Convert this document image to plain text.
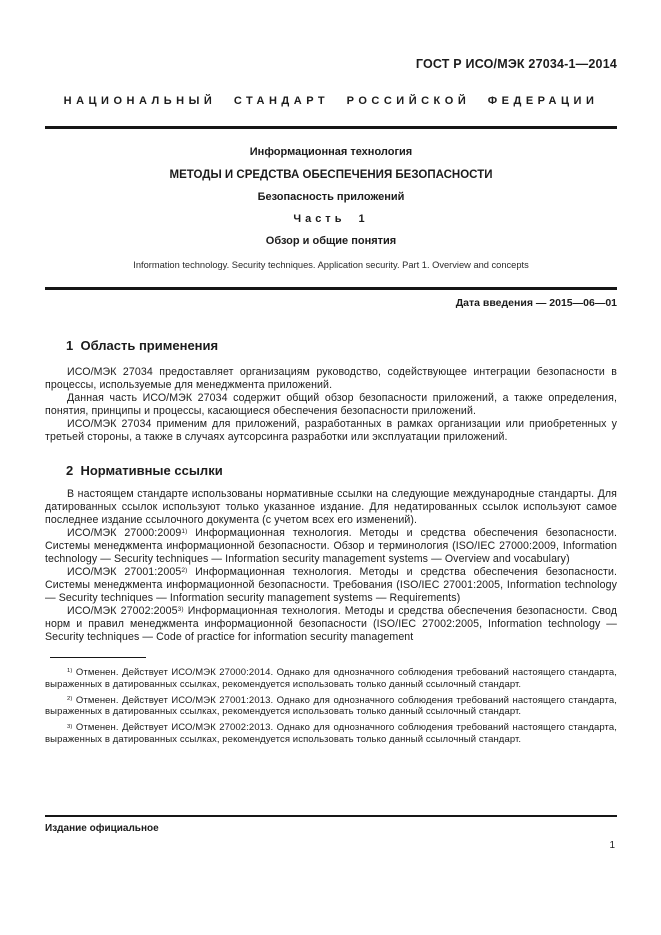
ГОСТ Р ИСО/МЭК 27034-1—2014
НАЦИОНАЛЬНЫЙ СТАНДАРТ РОССИЙСКОЙ ФЕДЕРАЦИИ
Информационная технология
МЕТОДЫ И СРЕДСТВА ОБЕСПЕЧЕНИЯ БЕЗОПАСНОСТИ
Безопасность приложений
Часть 1
Обзор и общие понятия
Information technology. Security techniques. Application security. Part 1. Overview and concepts
Дата введения — 2015—06—01
1  Область применения

ИСО/МЭК 27034 предоставляет организациям руководство, содействующее интеграции безопасности в процессы, используемые для менеджмента приложений.

Данная часть ИСО/МЭК 27034 содержит общий обзор безопасности приложений, а также определения, понятия, принципы и процессы, касающиеся обеспечения безопасности приложений.

ИСО/МЭК 27034 применим для приложений, разработанных в рамках организации или приобретенных у третьей стороны, а также в случаях аутсорсинга разработки или эксплуатации приложений.

2  Нормативные ссылки

В настоящем стандарте использованы нормативные ссылки на следующие международные стандарты. Для датированных ссылок используют только указанное издание. Для недатированных ссылок используют самое последнее издание ссылочного документа (с учетом всех его изменений).

ИСО/МЭК 27000:2009$^{1)}$ Информационная технология. Методы и средства обеспечения безопасности. Системы менеджмента информационной безопасности. Обзор и терминология (ISO/IEC 27000:2009, Information technology — Security techniques — Information security management systems — Overview and vocabulary)

ИСО/МЭК 27001:2005$^{2)}$ Информационная технология. Методы и средства обеспечения безопасности. Системы менеджмента информационной безопасности. Требования (ISO/IEC 27001:2005, Information technology — Security techniques — Information security management systems — Requirements)

ИСО/МЭК 27002:2005$^{3)}$ Информационная технология. Методы и средства обеспечения безопасности. Свод норм и правил менеджмента информационной безопасности (ISO/IEC 27002:2005, Information technology — Security techniques — Code of practice for information security management

$^{1)}$ Отменен. Действует ИСО/МЭК 27000:2014. Однако для однозначного соблюдения требований настоящего стандарта, выраженных в датированных ссылках, рекомендуется использовать только данный ссылочный стандарт.

$^{2)}$ Отменен. Действует ИСО/МЭК 27001:2013. Однако для однозначного соблюдения требований настоящего стандарта, выраженных в датированных ссылках, рекомендуется использовать только данный ссылочный стандарт.

$^{3)}$ Отменен. Действует ИСО/МЭК 27002:2013. Однако для однозначного соблюдения требований настоящего стандарта, выраженных в датированных ссылках, рекомендуется использовать только данный ссылочный стандарт.

Издание официальное
1
